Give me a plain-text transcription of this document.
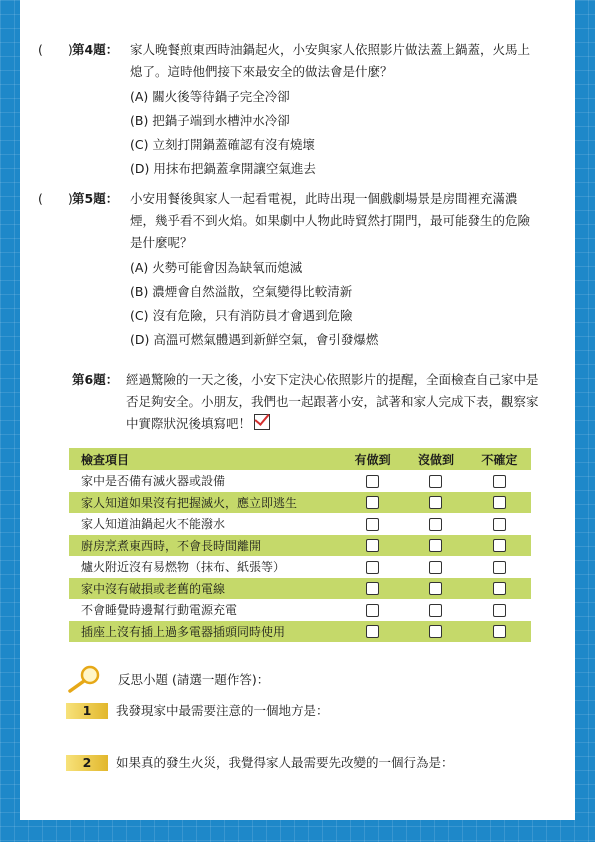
(　　) 第4題： 家人晚餐煎東西時油鍋起火，小安與家人依照影片做法蓋上鍋蓋，火馬上熄了。這時他們接下來最安全的做法會是什麼？
(A) 關火後等待鍋子完全冷卻
(B) 把鍋子端到水槽沖水冷卻
(C) 立刻打開鍋蓋確認有沒有燒壞
(D) 用抹布把鍋蓋拿開讓空氣進去
(　　) 第5題： 小安用餐後與家人一起看電視，此時出現一個戲劇場景是房間裡充滿濃煙，幾乎看不到火焰。如果劇中人物此時貿然打開門，最可能發生的危險是什麼呢？
(A) 火勢可能會因為缺氧而熄滅
(B) 濃煙會自然溢散，空氣變得比較清新
(C) 沒有危險，只有消防員才會遇到危險
(D) 高溫可燃氣體遇到新鮮空氣，會引發爆燃
第6題： 經過驚險的一天之後，小安下定決心依照影片的提醒，全面檢查自己家中是否足夠安全。小朋友，我們也一起跟著小安，試著和家人完成下表，觀察家中實際狀況後填寫吧！
檢查項目	有做到	沒做到	不確定
家中是否備有滅火器或設備			
家人知道如果沒有把握滅火，應立即逃生			
家人知道油鍋起火不能潑水			
廚房烹煮東西時，不會長時間離開			
爐火附近沒有易燃物（抹布、紙張等）			
家中沒有破損或老舊的電線			
不會睡覺時邊幫行動電源充電			
插座上沒有插上過多電器插頭同時使用			
反思小題 (請選一題作答)：
1	我發現家中最需要注意的一個地方是：
2	如果真的發生火災，我覺得家人最需要先改變的一個行為是：
